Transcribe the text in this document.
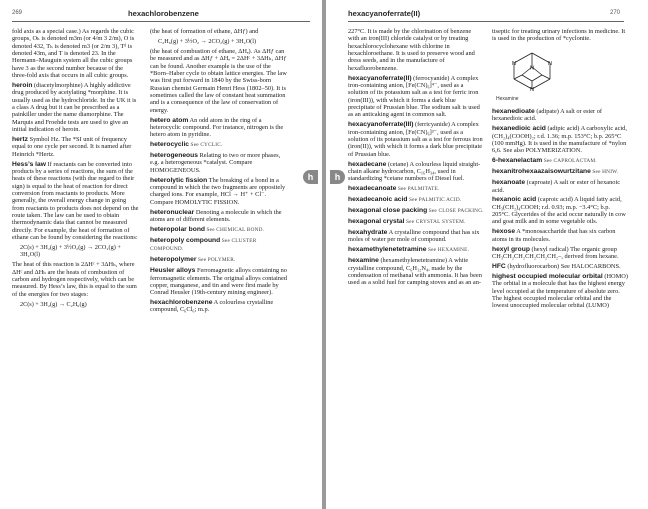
269	hexachlorobenzene

fold axis as a special case.) As regards the cubic groups, Oₕ is denoted m3m (or 4/m 3 2/m), O is denoted 432, Tₕ is denoted m3 (or 2/m 3), Tᵈ is denoted 43m, and T is denoted 23. In the Hermann–Mauguin system all the cubic groups have 3 as the second number because of the three-fold axis that occurs in all cubic groups.

heroin (diacetylmorphine) A highly addictive drug produced by acetylating *morphine. It is usually used as the hydrochloride. In the UK it is a class A drug but it can be prescribed as a painkiller under the name diamorphine. The Marquis and Froehde tests are used to give an initial indication of heroin.

hertz Symbol Hz. The *SI unit of frequency equal to one cycle per second. It is named after Heinrich *Hertz.

Hess’s law If reactants can be converted into products by a series of reactions, the sum of the heats of these reactions (with due regard to their sign) is equal to the heat of reaction for direct conversion from reactants to products. More generally, the overall energy change in going from reactants to products does not depend on the route taken. The law can be used to obtain thermodynamic data that cannot be measured directly. For example, the heat of formation of ethane can be found by considering the reactions:

2C(s) + 3H₂(g) + 3½O₂(g) → 2CO₂(g) + 3H₂O(l)

The heat of this reaction is 2ΔHᶜ + 3ΔHₕ, where ΔHᶜ and ΔHₕ are the heats of combustion of carbon and hydrogen respectively, which can be measured. By Hess’s law, this is equal to the sum of the energies for two stages:

2C(s) + 3H₂(g) → C₂H₆(g)

(the heat of formation of ethane, ΔHƒ) and

C₂H₆(g) + 3½O₂ → 2CO₂(g) + 3H₂O(l)

(the heat of combustion of ethane, ΔHₑ). As ΔHƒ can be measured and as ΔHƒ + ΔHₑ = 2ΔHᶜ + 3ΔHₕ, ΔHƒ can be found. Another example is the use of the *Born–Haber cycle to obtain lattice energies. The law was first put forward in 1840 by the Swiss-born Russian chemist Germain Henri Hess (1802–50). It is sometimes called the law of constant heat summation and is a consequence of the law of conservation of energy.

hetero atom An odd atom in the ring of a heterocyclic compound. For instance, nitrogen is the hetero atom in pyridine.

heterocyclic See CYCLIC.

heterogeneous Relating to two or more phases, e.g. a heterogeneous *catalyst. Compare HOMOGENEOUS.

heterolytic fission The breaking of a bond in a compound in which the two fragments are oppositely charged ions. For example, HCl → H⁺ + Cl⁻. Compare HOMOLYTIC FISSION.

heteronuclear Denoting a molecule in which the atoms are of different elements.

heteropolar bond See CHEMICAL BOND.

heteropoly compound See CLUSTER COMPOUND.

heteropolymer See POLYMER.

Heusler alloys Ferromagnetic alloys containing no ferromagnetic elements. The original alloys contained copper, manganese, and tin and were first made by Conrad Heusler (19th-century mining engineer).

hexachlorobenzene A colourless crystalline compound, C₆Cl₆; m.p.

h
hexacyanoferrate(II)	270

227°C. It is made by the chlorination of benzene with an iron(III) chloride catalyst or by treating hexachlorocyclohexane with chlorine in hexachloroethane. It is used to preserve wood and dress seeds, and in the manufacture of hexafluorobenzene.

hexacyanoferrate(II) (ferrocyanide) A complex iron-containing anion, [Fe(CN)₆]⁴⁻, used as a solution of its potassium salt as a test for ferric iron (iron(III)), with which it forms a dark blue precipitate of Prussian blue. The sodium salt is used as an anticaking agent in common salt.

hexacyanoferrate(III) (ferricyanide) A complex iron-containing anion, [Fe(CN)₆]³⁻, used as a solution of its potassium salt as a test for ferrous iron (iron(II)), with which it forms a dark blue precipitate of Prussian blue.

hexadecane (cetane) A colourless liquid straight-chain alkane hydrocarbon, C₁₆H₃₄, used in standardizing *cetane numbers of Diesel fuel.

hexadecanoate See PALMITATE.

hexadecanoic acid See PALMITIC ACID.

hexagonal close packing See CLOSE PACKING.

hexagonal crystal See CRYSTAL SYSTEM.

hexahydrate A crystalline compound that has six moles of water per mole of compound.

hexamethylenetetramine See HEXAMINE.

hexamine (hexamethylenetetramine) A white crystalline compound, C₆H₁₂N₄, made by the condensation of methanal with ammonia. It has been used as a solid fuel for camping stoves and as an an-

tiseptic for treating urinary infections in medicine. It is used in the production of *cyclonite.

N
N	N
N
Hexamine

hexanedioate (adipate) A salt or ester of hexanedioic acid.

hexanedioic acid (adipic acid) A carboxylic acid, (CH₂)₄(COOH)₂; r.d. 1.36; m.p. 153°C; b.p. 265°C (100 mmHg). It is used in the manufacture of *nylon 6,6. See also POLYMERIZATION.

6-hexanelactam See CAPROLACTAM.

hexanitrohexaazaisowurtzitane See HNIW.

hexanoate (caproate) A salt or ester of hexanoic acid.

hexanoic acid (caproic acid) A liquid fatty acid, CH₃(CH₂)₄COOH; r.d. 0.93; m.p. −3.4°C; b.p. 205°C. Glycerides of the acid occur naturally in cow and goat milk and in some vegetable oils.

hexose A *monosaccharide that has six carbon atoms in its molecules.

hexyl group (hexyl radical) The organic group CH₃CH₂CH₂CH₂CH₂CH₂–, derived from hexane.

HFC (hydrofluorocarbon) See HALOCARBONS.

highest occupied molecular orbital (HOMO) The orbital in a molecule that has the highest energy level occupied at the temperature of absolute zero. The highest occupied molecular orbital and the lowest unoccupied molecular orbital (LUMO)

h
